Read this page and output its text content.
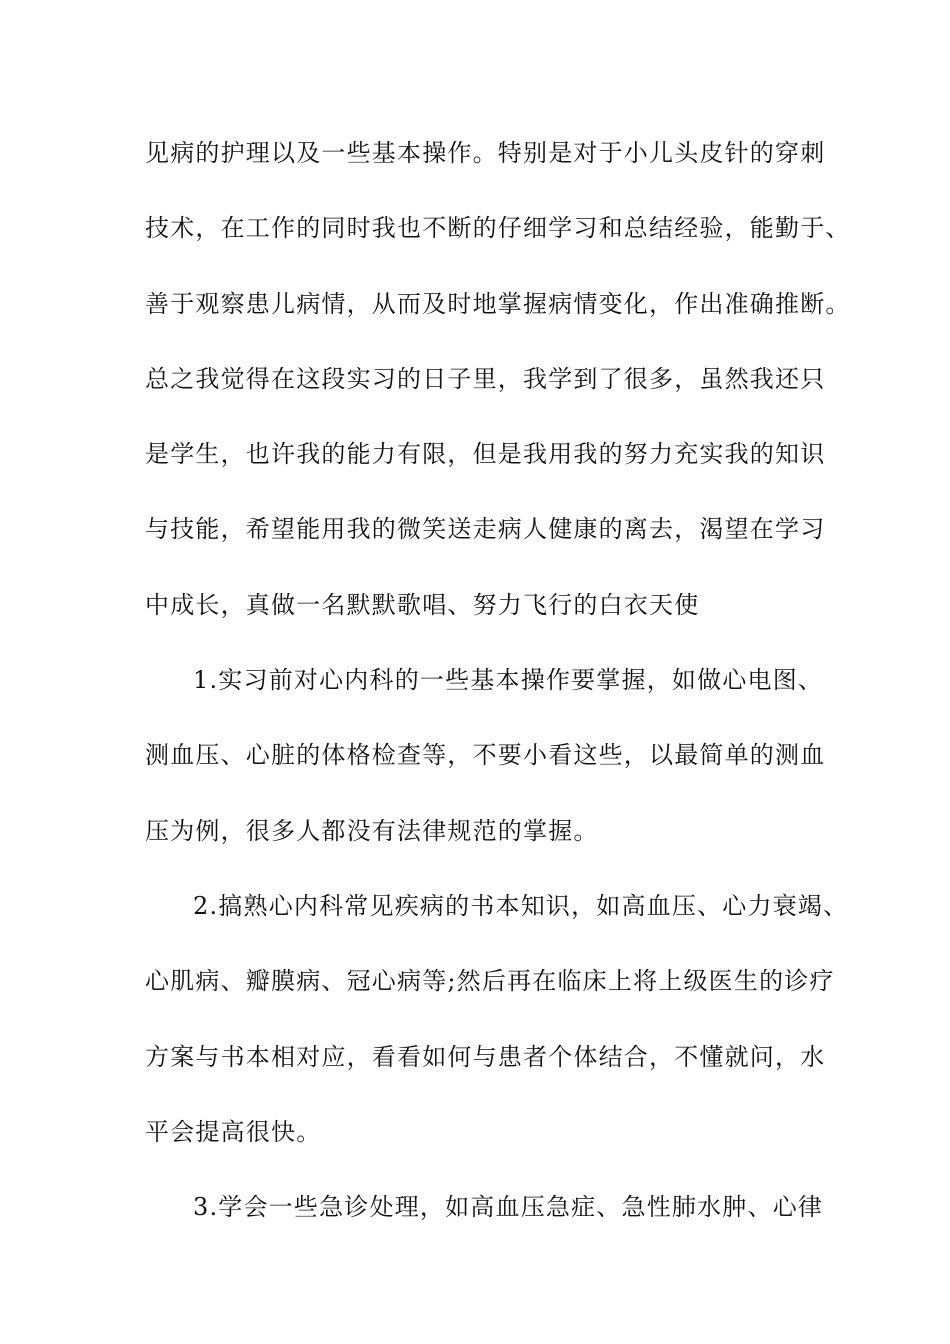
见病的护理以及一些基本操作。特别是对于小儿头皮针的穿刺
技术，在工作的同时我也不断的仔细学习和总结经验，能勤于、
善于观察患儿病情，从而及时地掌握病情变化，作出准确推断。
总之我觉得在这段实习的日子里，我学到了很多，虽然我还只
是学生，也许我的能力有限，但是我用我的努力充实我的知识
与技能，希望能用我的微笑送走病人健康的离去，渴望在学习
中成长，真做一名默默歌唱、努力飞行的白衣天使
1.实习前对心内科的一些基本操作要掌握，如做心电图、
测血压、心脏的体格检查等，不要小看这些，以最简单的测血
压为例，很多人都没有法律规范的掌握。
2.搞熟心内科常见疾病的书本知识，如高血压、心力衰竭、
心肌病、瓣膜病、冠心病等;然后再在临床上将上级医生的诊疗
方案与书本相对应，看看如何与患者个体结合，不懂就问，水
平会提高很快。
3.学会一些急诊处理，如高血压急症、急性肺水肿、心律
